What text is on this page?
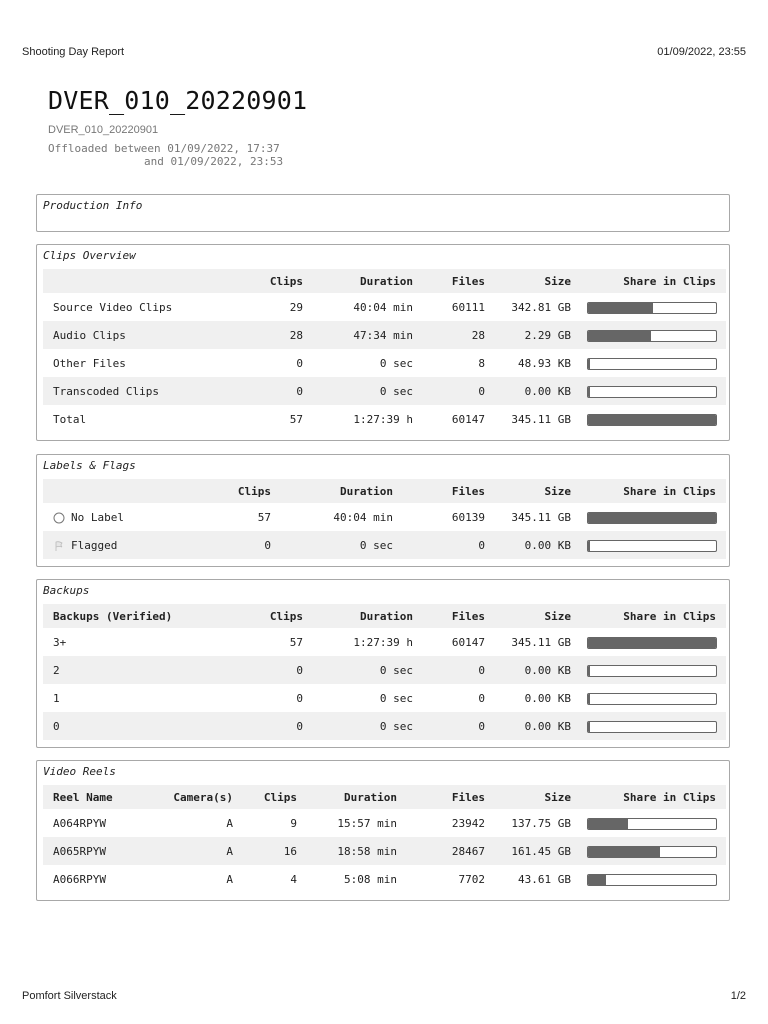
Shooting Day Report	01/09/2022, 23:55
DVER_010_20220901
DVER_010_20220901
Offloaded between 01/09/2022, 17:37
and 01/09/2022, 23:53
Production Info
Clips Overview
	Clips	Duration	Files	Size	Share in Clips
Source Video Clips	29	40:04 min	60111	342.81 GB	

Audio Clips	28	47:34 min	28	2.29 GB	

Other Files	0	0 sec	8	48.93 KB	

Transcoded Clips	0	0 sec	0	0.00 KB	

Total	57	1:27:39 h	60147	345.11 GB	
Labels & Flags
	Clips	Duration	Files	Size	Share in Clips
No Label	57	40:04 min	60139	345.11 GB	

Flagged	0	0 sec	0	0.00 KB	
Backups
Backups (Verified)	Clips	Duration	Files	Size	Share in Clips
3+	57	1:27:39 h	60147	345.11 GB	

2	0	0 sec	0	0.00 KB	

1	0	0 sec	0	0.00 KB	

0	0	0 sec	0	0.00 KB	
Video Reels
Reel Name	Camera(s)	Clips	Duration	Files	Size	Share in Clips
A064RPYW	A	9	15:57 min	23942	137.75 GB	

A065RPYW	A	16	18:58 min	28467	161.45 GB	

A066RPYW	A	4	5:08 min	7702	43.61 GB	
Pomfort Silverstack	1/2
